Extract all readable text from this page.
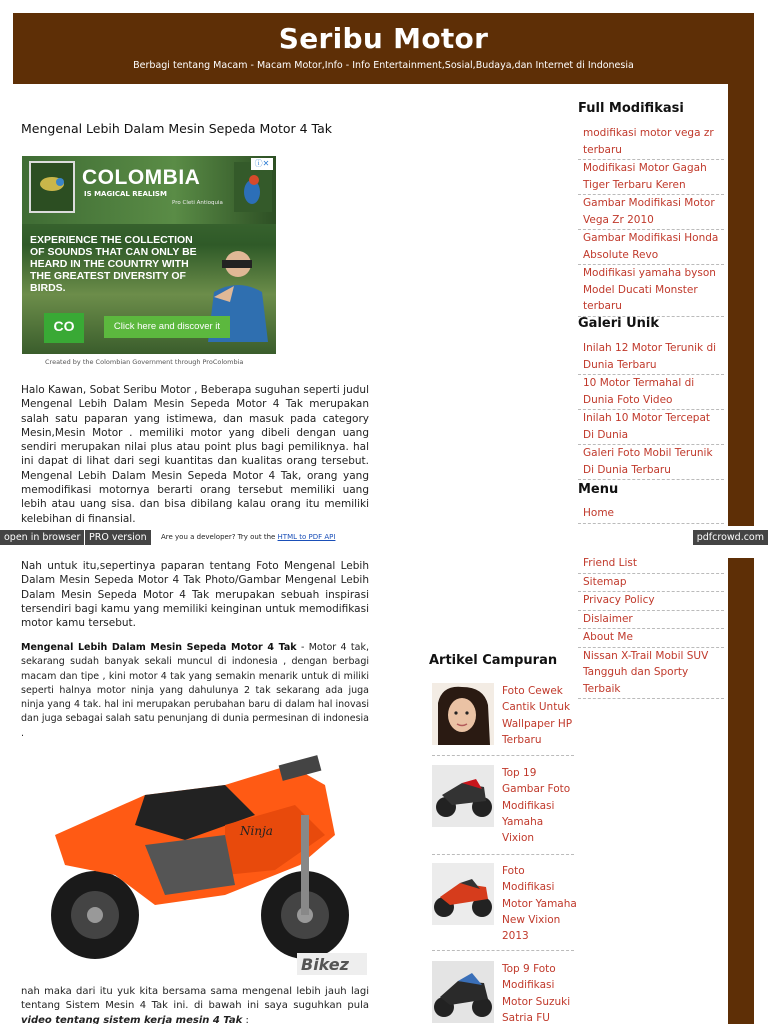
Seribu Motor
Berbagi tentang Macam - Macam Motor,Info - Info Entertainment,Sosial,Budaya,dan Internet di Indonesia
Mengenal Lebih Dalam Mesin Sepeda Motor 4 Tak
COLOMBIA
IS MAGICAL REALISM
Pro Cleti Antioquia
ⓘ✕
EXPERIENCE THE COLLECTION OF SOUNDS THAT CAN ONLY BE HEARD IN THE COUNTRY WITH THE GREATEST DIVERSITY OF BIRDS.
CO	Click here and discover it
Created by the Colombian Government through ProColombia

Halo Kawan, Sobat Seribu Motor , Beberapa suguhan seperti judul Mengenal Lebih Dalam Mesin Sepeda Motor 4 Tak merupakan salah satu paparan yang istimewa, dan masuk pada category Mesin,Mesin Motor . memiliki motor yang dibeli dengan uang sendiri merupakan nilai plus atau point plus bagi pemiliknya. hal ini dapat di lihat dari segi kuantitas dan kualitas orang tersebut. Mengenal Lebih Dalam Mesin Sepeda Motor 4 Tak, orang yang memodifikasi motornya berarti orang tersebut memiliki uang lebih atau uang sisa. dan bisa dibilang kalau orang itu memiliki kelebihan di finansial.

Nah untuk itu,sepertinya paparan tentang Foto Mengenal Lebih Dalam Mesin Sepeda Motor 4 Tak Photo/Gambar Mengenal Lebih Dalam Mesin Sepeda Motor 4 Tak merupakan sebuah inspirasi tersendiri bagi kamu yang memiliki keinginan untuk memodifikasi motor kamu tersebut.

Mengenal Lebih Dalam Mesin Sepeda Motor 4 Tak - Motor 4 tak, sekarang sudah banyak sekali muncul di indonesia , dengan berbagi macam dan tipe , kini motor 4 tak yang semakin menarik untuk di miliki seperti halnya motor ninja yang dahulunya 2 tak sekarang ada juga ninja yang 4 tak. hal ini merupakan perubahan baru di dalam hal inovasi dan juga sebagai salah satu penunjang di dunia permesinan di indonesia .

Ninja
Bikez

nah maka dari itu yuk kita bersama sama mengenal lebih jauh lagi tentang Sistem Mesin 4 Tak ini. di bawah ini saya suguhkan pula video tentang sistem kerja mesin 4 Tak :

open in browser PRO version	Are you a developer? Try out the HTML to PDF API	pdfcrowd.com
Full Modifikasi
modifikasi motor vega zr terbaru
Modifikasi Motor Gagah Tiger Terbaru Keren
Gambar Modifikasi Motor Vega Zr 2010
Gambar Modifikasi Honda Absolute Revo
Modifikasi yamaha byson Model Ducati Monster terbaru
Galeri Unik
Inilah 12 Motor Terunik di Dunia Terbaru
10 Motor Termahal di Dunia Foto Video
Inilah 10 Motor Tercepat Di Dunia
Galeri Foto Mobil Terunik Di Dunia Terbaru
Menu
Home
Friend List
Sitemap
Privacy Policy
Dislaimer
About Me
Nissan X-Trail Mobil SUV Tangguh dan Sporty Terbaik
Artikel Campuran
Foto Cewek Cantik Untuk Wallpaper HP Terbaru
Top 19 Gambar Foto Modifikasi Yamaha Vixion
Foto Modifikasi Motor Yamaha New Vixion 2013
Top 9 Foto Modifikasi Motor Suzuki Satria FU
